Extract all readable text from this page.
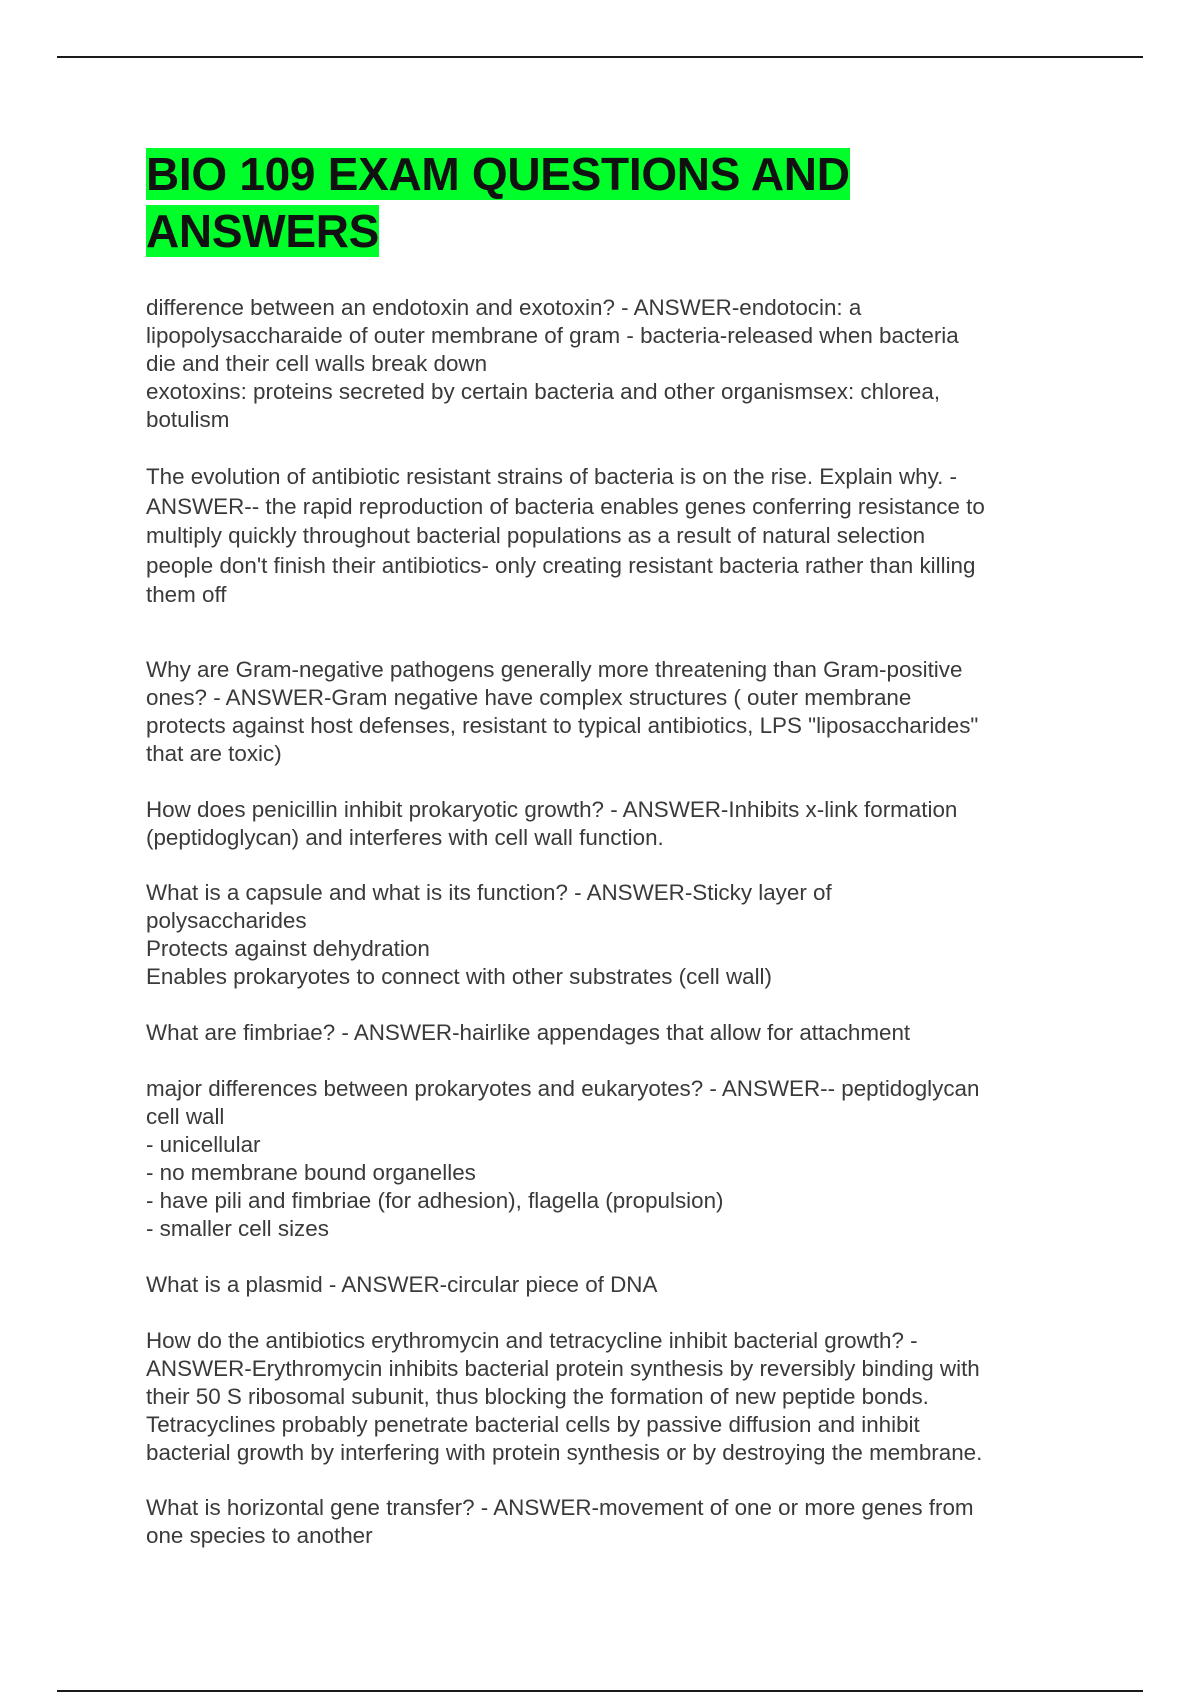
BIO 109 EXAM QUESTIONS AND ANSWERS
difference between an endotoxin and exotoxin? - ANSWER-endotocin: a
lipopolysaccharaide of outer membrane of gram - bacteria-released when bacteria
die and their cell walls break down
exotoxins: proteins secreted by certain bacteria and other organismsex: chlorea,
botulism
The evolution of antibiotic resistant strains of bacteria is on the rise. Explain why. -
ANSWER-- the rapid reproduction of bacteria enables genes conferring resistance to
multiply quickly throughout bacterial populations as a result of natural selection
people don't finish their antibiotics- only creating resistant bacteria rather than killing
them off
Why are Gram-negative pathogens generally more threatening than Gram-positive
ones? - ANSWER-Gram negative have complex structures ( outer membrane
protects against host defenses, resistant to typical antibiotics, LPS "liposaccharides"
that are toxic)
How does penicillin inhibit prokaryotic growth? - ANSWER-Inhibits x-link formation
(peptidoglycan) and interferes with cell wall function.
What is a capsule and what is its function? - ANSWER-Sticky layer of
polysaccharides
Protects against dehydration
Enables prokaryotes to connect with other substrates (cell wall)
What are fimbriae? - ANSWER-hairlike appendages that allow for attachment
major differences between prokaryotes and eukaryotes? - ANSWER-- peptidoglycan
cell wall
- unicellular
- no membrane bound organelles
- have pili and fimbriae (for adhesion), flagella (propulsion)
- smaller cell sizes
What is a plasmid - ANSWER-circular piece of DNA
How do the antibiotics erythromycin and tetracycline inhibit bacterial growth? -
ANSWER-Erythromycin inhibits bacterial protein synthesis by reversibly binding with
their 50 S ribosomal subunit, thus blocking the formation of new peptide bonds.
Tetracyclines probably penetrate bacterial cells by passive diffusion and inhibit
bacterial growth by interfering with protein synthesis or by destroying the membrane.
What is horizontal gene transfer? - ANSWER-movement of one or more genes from
one species to another
